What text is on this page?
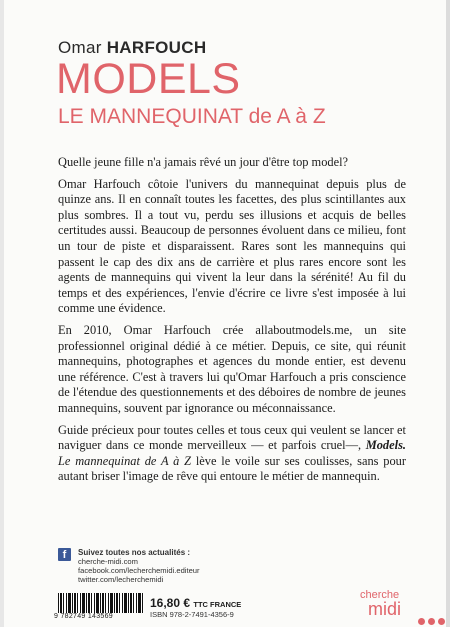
Omar HARFOUCH
MODELS
LE MANNEQUINAT de A à Z

Quelle jeune fille n'a jamais rêvé un jour d'être top model?

Omar Harfouch côtoie l'univers du mannequinat depuis plus de quinze ans. Il en connaît toutes les facettes, des plus scintillantes aux plus sombres. Il a tout vu, perdu ses illusions et acquis de belles certitudes aussi. Beaucoup de personnes évoluent dans ce milieu, font un tour de piste et disparaissent. Rares sont les mannequins qui passent le cap des dix ans de carrière et plus rares encore sont les agents de mannequins qui vivent la leur dans la sérénité! Au fil du temps et des expériences, l'envie d'écrire ce livre s'est imposée à lui comme une évidence.

En 2010, Omar Harfouch crée allaboutmodels.me, un site professionnel original dédié à ce métier. Depuis, ce site, qui réunit mannequins, photographes et agences du monde entier, est devenu une référence. C'est à travers lui qu'Omar Harfouch a pris conscience de l'étendue des questionnements et des déboires de nombre de jeunes mannequins, souvent par ignorance ou méconnaissance.

Guide précieux pour toutes celles et tous ceux qui veulent se lancer et naviguer dans ce monde merveilleux — et parfois cruel—, Models. Le mannequinat de A à Z lève le voile sur ses coulisses, sans pour autant briser l'image de rêve qui entoure le métier de mannequin.

f	Suivez toutes nos actualités :
cherche-midi.com
facebook.com/lecherchemidi.editeur
twitter.com/lecherchemidi
9 782749 143569
16,80 € TTC FRANCE
ISBN 978-2-7491-4356-9
cherche
midi
